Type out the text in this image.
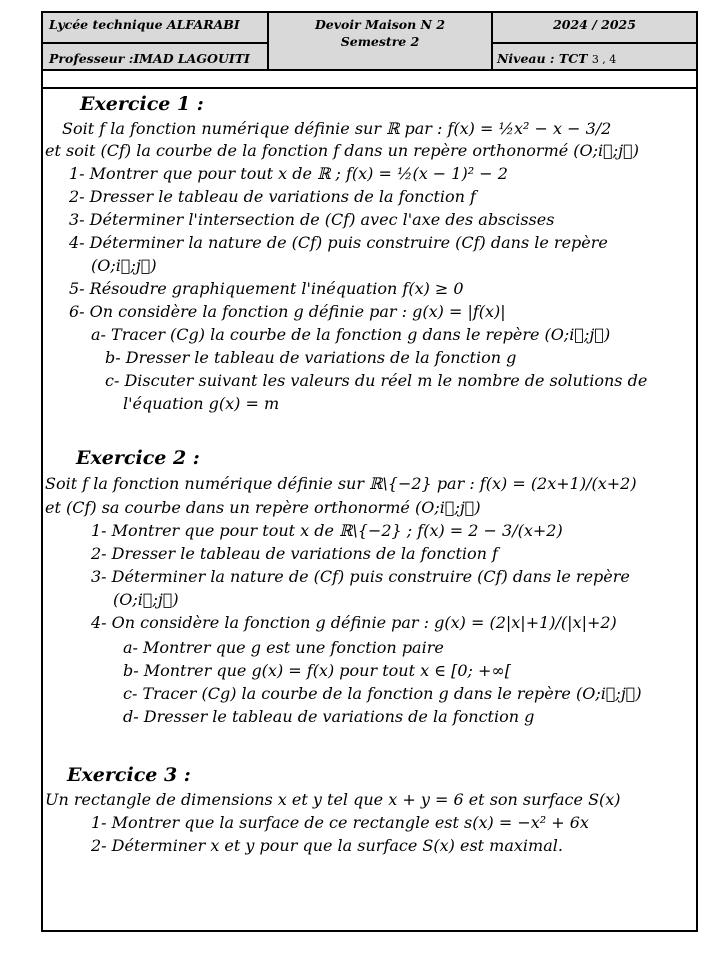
Lycée technique ALFARABI
Professeur :IMAD LAGOUITI
Devoir Maison N 2
Semestre 2
2024 / 2025
Niveau : TCT 3 , 4
Exercice 1 :
Soit f la fonction numérique définie sur ℝ par : f(x) = ½x² − x − 3/2
et soit (Cf) la courbe de la fonction f dans un repère orthonormé (O;i⃗;j⃗)
1- Montrer que pour tout x de ℝ ; f(x) = ½(x − 1)² − 2
2- Dresser le tableau de variations de la fonction f
3- Déterminer l'intersection de (Cf) avec l'axe des abscisses
4- Déterminer la nature de (Cf) puis construire (Cf) dans le repère
(O;i⃗;j⃗)
5- Résoudre graphiquement l'inéquation f(x) ≥ 0
6- On considère la fonction g définie par : g(x) = |f(x)|
a- Tracer (Cg) la courbe de la fonction g dans le repère (O;i⃗;j⃗)
b- Dresser le tableau de variations de la fonction g
c- Discuter suivant les valeurs du réel m le nombre de solutions de
l'équation g(x) = m
Exercice 2 :
Soit f la fonction numérique définie sur ℝ\{−2} par : f(x) = (2x+1)/(x+2)
et (Cf) sa courbe dans un repère orthonormé (O;i⃗;j⃗)
1- Montrer que pour tout x de ℝ\{−2} ; f(x) = 2 − 3/(x+2)
2- Dresser le tableau de variations de la fonction f
3- Déterminer la nature de (Cf) puis construire (Cf) dans le repère
(O;i⃗;j⃗)
4- On considère la fonction g définie par : g(x) = (2|x|+1)/(|x|+2)
a- Montrer que g est une fonction paire
b- Montrer que g(x) = f(x) pour tout x ∈ [0; +∞[
c- Tracer (Cg) la courbe de la fonction g dans le repère (O;i⃗;j⃗)
d- Dresser le tableau de variations de la fonction g
Exercice 3 :
Un rectangle de dimensions x et y tel que x + y = 6 et son surface S(x)
1- Montrer que la surface de ce rectangle est s(x) = −x² + 6x
2- Déterminer x et y pour que la surface S(x) est maximal.
